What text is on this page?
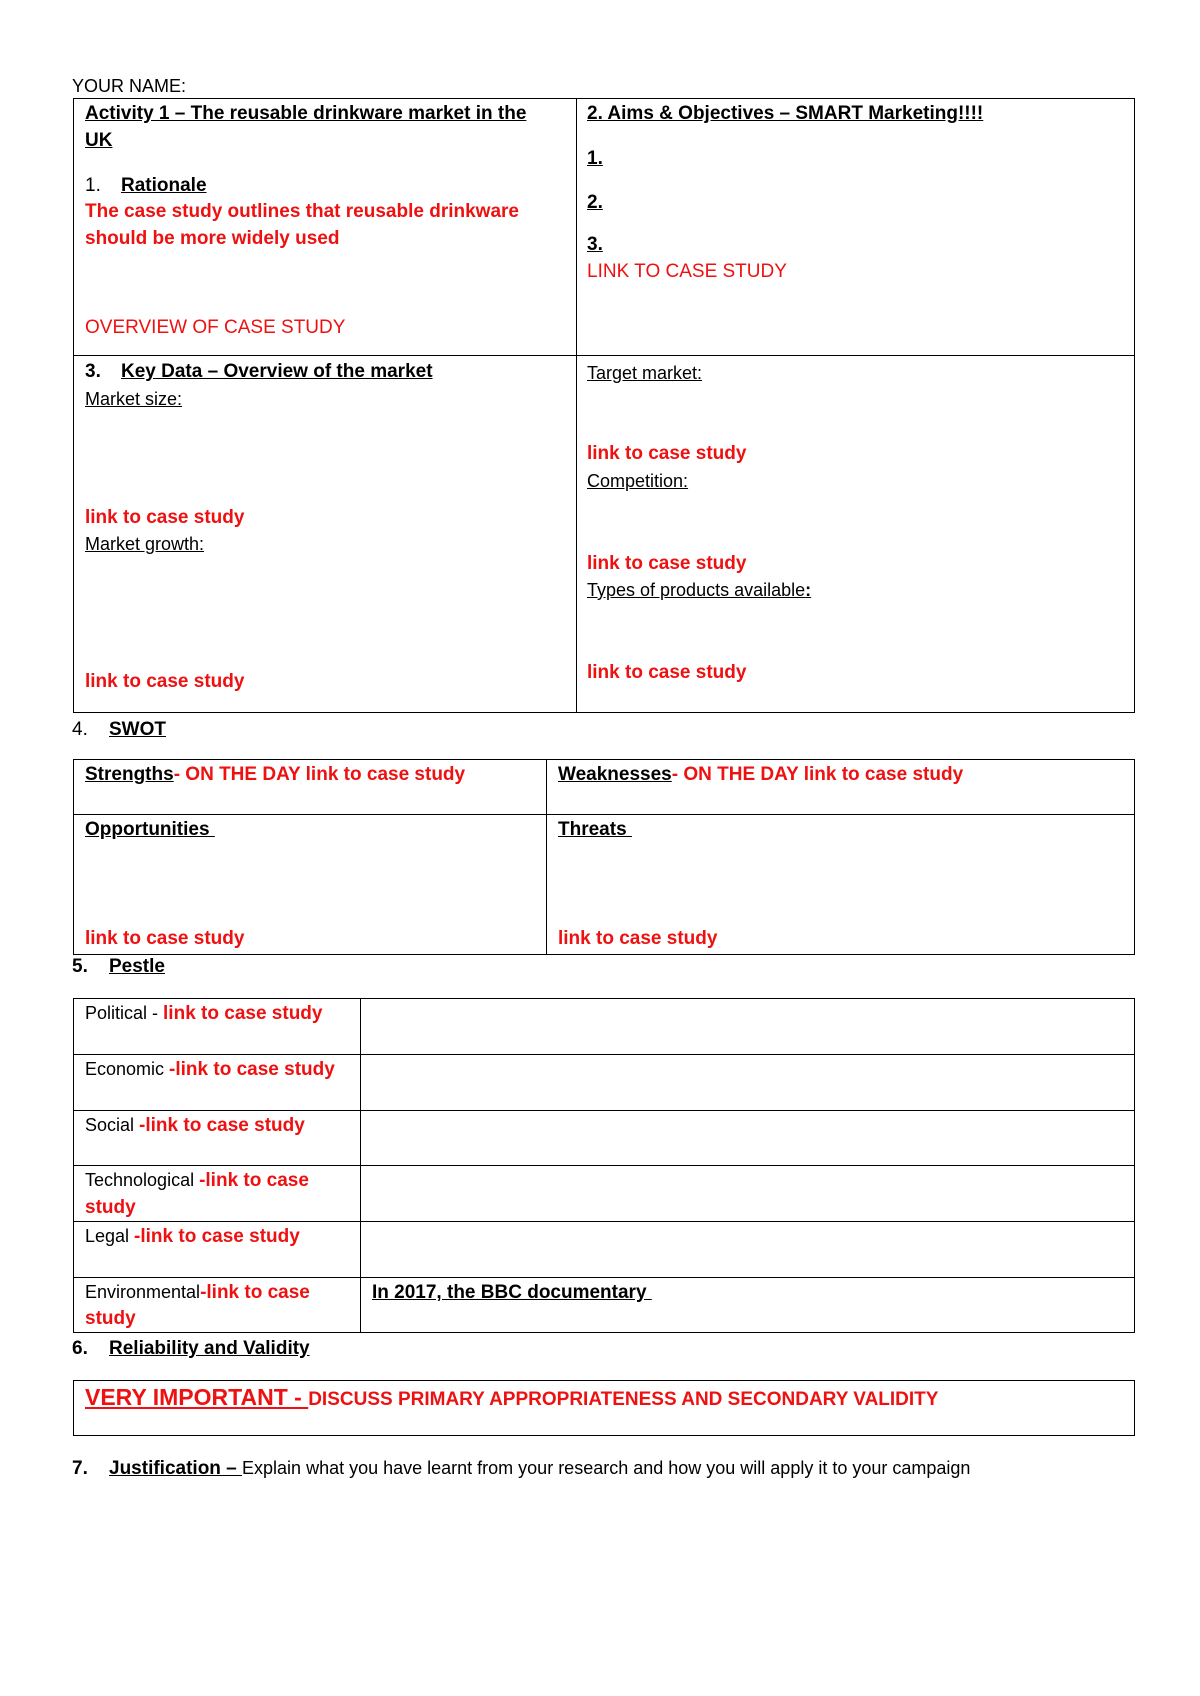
YOUR NAME:
Activity 1 – The reusable drinkware market in the
UK
1. Rationale
The case study outlines that reusable drinkware
should be more widely used
OVERVIEW OF CASE STUDY
2. Aims & Objectives – SMART Marketing!!!!
1.
2.
3.
LINK TO CASE STUDY
3. Key Data – Overview of the market
Market size:
link to case study
Market growth:
link to case study
Target market:
link to case study
Competition:
link to case study
Types of products available:
link to case study
4. SWOT
Strengths- ON THE DAY link to case study	Weaknesses- ON THE DAY link to case study
Opportunities
link to case study
Threats
link to case study
5. Pestle
Political - link to case study
Economic -link to case study
Social -link to case study
Technological -link to case
study
Legal -link to case study
Environmental-link to case
study
In 2017, the BBC documentary
6. Reliability and Validity
VERY IMPORTANT - DISCUSS PRIMARY APPROPRIATENESS AND SECONDARY VALIDITY
7. Justification – Explain what you have learnt from your research and how you will apply it to your campaign
